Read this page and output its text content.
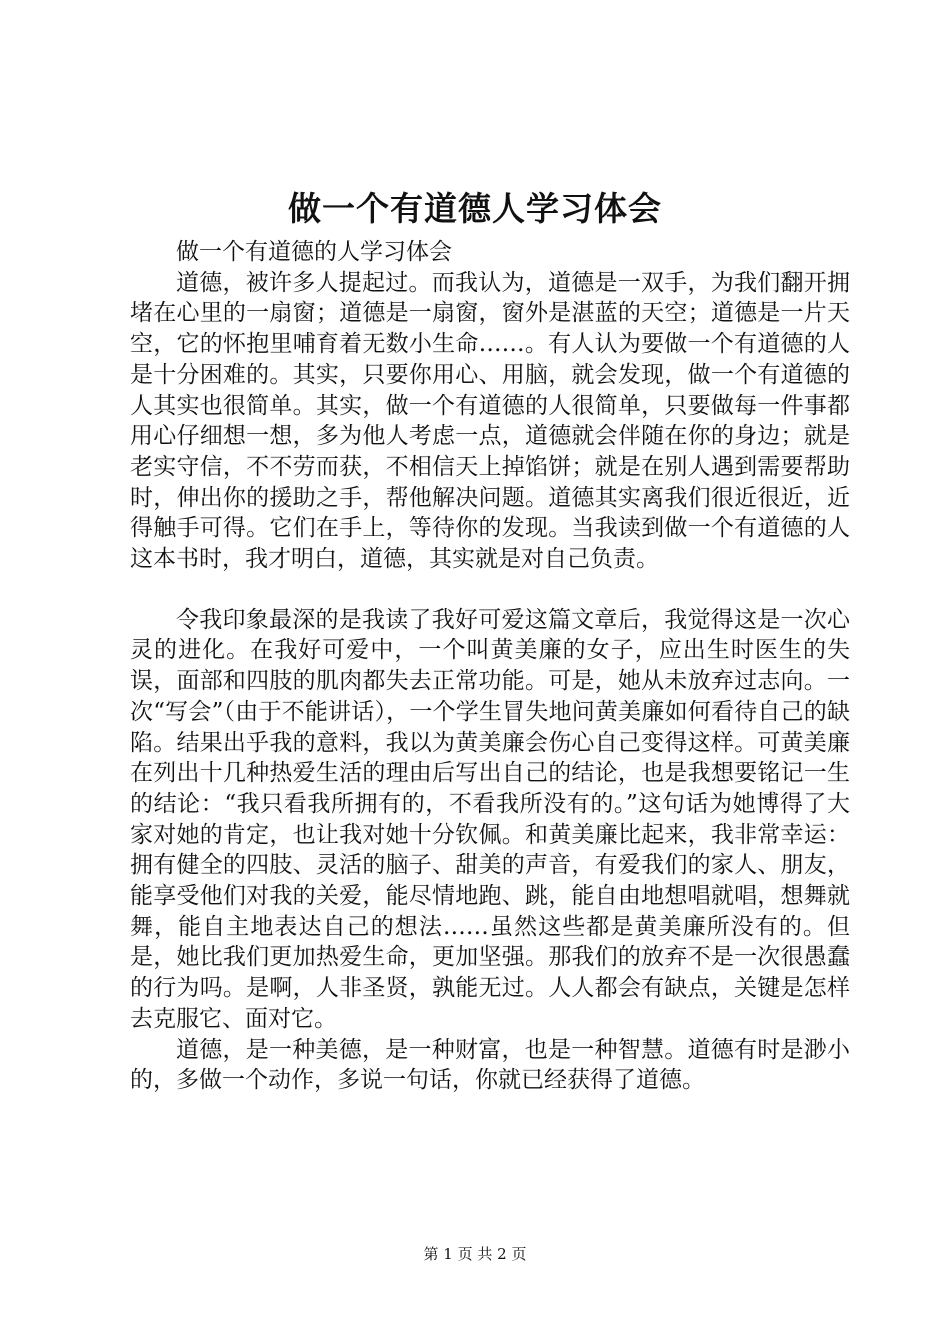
做一个有道德人学习体会

做一个有道德的人学习体会

道德，被许多人提起过。而我认为，道德是一双手，为我们翻开拥堵在心里的一扇窗；道德是一扇窗，窗外是湛蓝的天空；道德是一片天空，它的怀抱里哺育着无数小生命……。有人认为要做一个有道德的人是十分困难的。其实，只要你用心、用脑，就会发现，做一个有道德的人其实也很简单。其实，做一个有道德的人很简单，只要做每一件事都用心仔细想一想，多为他人考虑一点，道德就会伴随在你的身边；就是老实守信，不不劳而获，不相信天上掉馅饼；就是在别人遇到需要帮助时，伸出你的援助之手，帮他解决问题。道德其实离我们很近很近，近得触手可得。它们在手上，等待你的发现。当我读到做一个有道德的人这本书时，我才明白，道德，其实就是对自己负责。

令我印象最深的是我读了我好可爱这篇文章后，我觉得这是一次心灵的进化。在我好可爱中，一个叫黄美廉的女子，应出生时医生的失误，面部和四肢的肌肉都失去正常功能。可是，她从未放弃过志向。一次“写会”（由于不能讲话），一个学生冒失地问黄美廉如何看待自己的缺陷。结果出乎我的意料，我以为黄美廉会伤心自己变得这样。可黄美廉在列出十几种热爱生活的理由后写出自己的结论，也是我想要铭记一生的结论：“我只看我所拥有的，不看我所没有的。”这句话为她博得了大家对她的肯定，也让我对她十分钦佩。和黄美廉比起来，我非常幸运：拥有健全的四肢、灵活的脑子、甜美的声音，有爱我们的家人、朋友，能享受他们对我的关爱，能尽情地跑、跳，能自由地想唱就唱，想舞就舞，能自主地表达自己的想法……虽然这些都是黄美廉所没有的。但是，她比我们更加热爱生命，更加坚强。那我们的放弃不是一次很愚蠢的行为吗。是啊，人非圣贤，孰能无过。人人都会有缺点，关键是怎样去克服它、面对它。

道德，是一种美德，是一种财富，也是一种智慧。道德有时是渺小的，多做一个动作，多说一句话，你就已经获得了道德。

第 1 页 共 2 页
